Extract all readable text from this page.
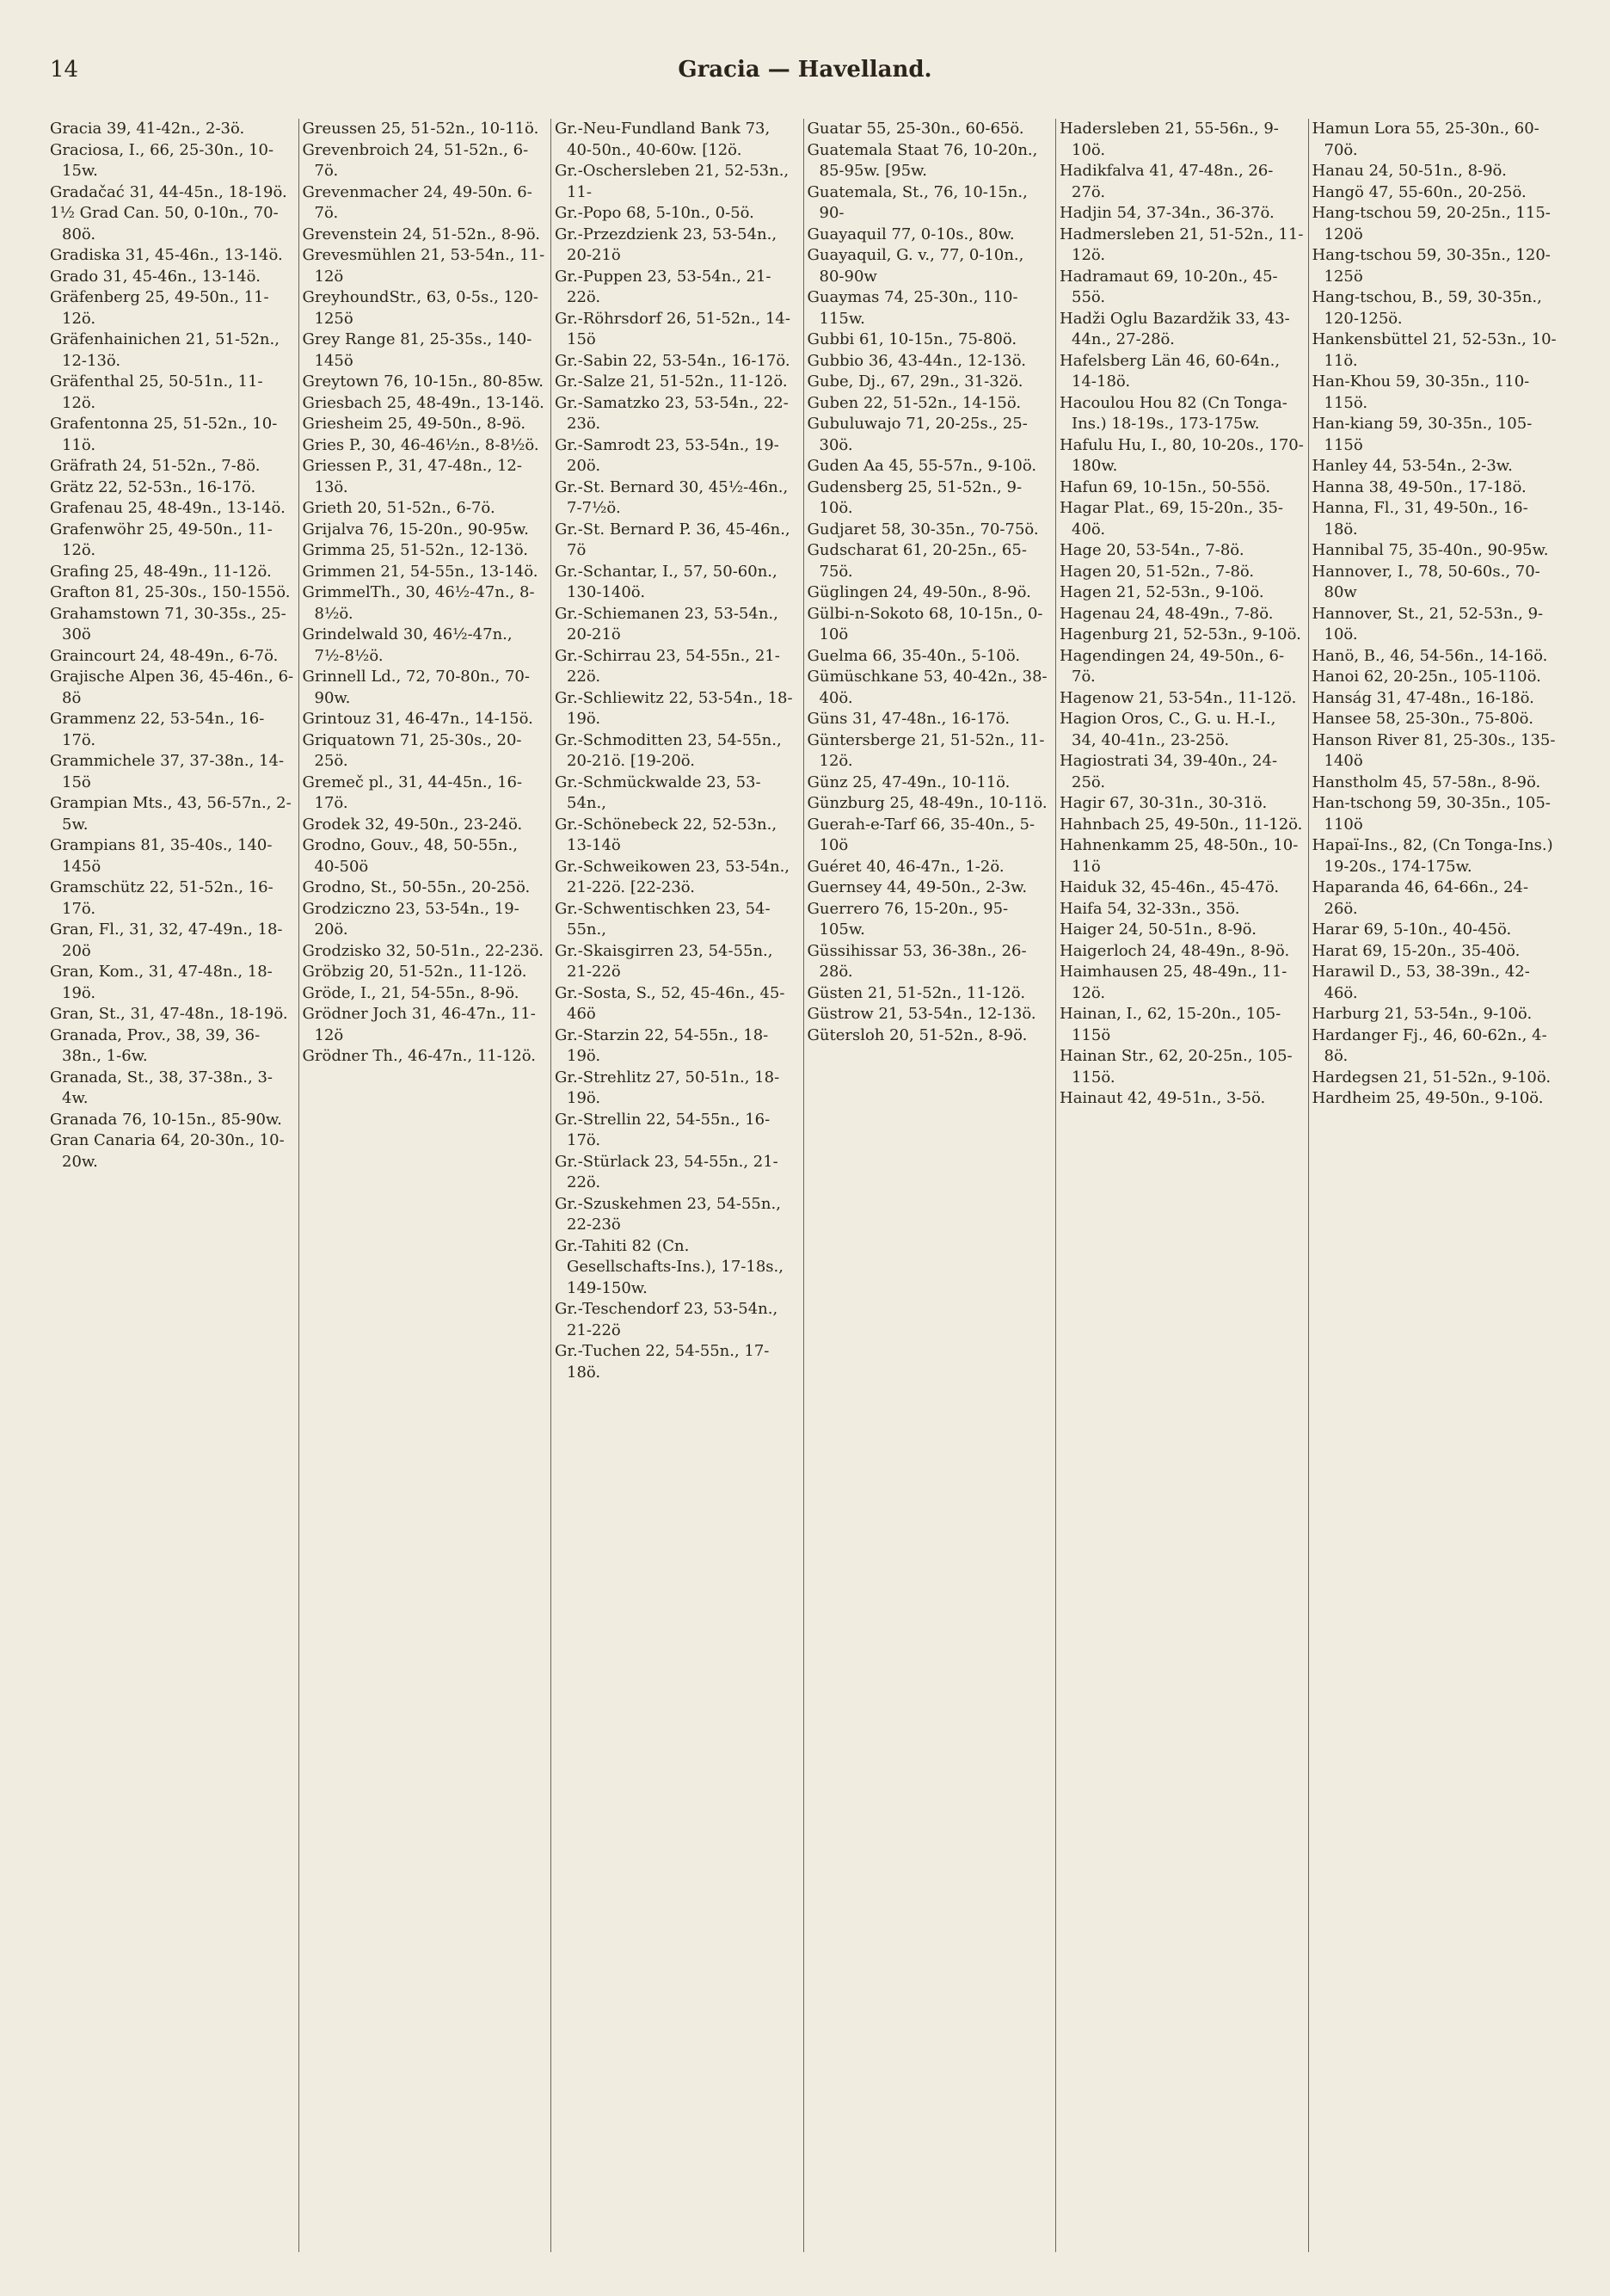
14	Gracia — Havelland.

Gracia 39, 41-42n., 2-3ö.

Graciosa, I., 66, 25-30n., 10-15w.

Gradačać 31, 44-45n., 18-19ö.

1½ Grad Can. 50, 0-10n., 70-80ö.

Gradiska 31, 45-46n., 13-14ö.

Grado 31, 45-46n., 13-14ö.

Gräfenberg 25, 49-50n., 11-12ö.

Gräfenhainichen 21, 51-52n., 12-13ö.

Gräfenthal 25, 50-51n., 11-12ö.

Grafentonna 25, 51-52n., 10-11ö.

Gräfrath 24, 51-52n., 7-8ö.

Grätz 22, 52-53n., 16-17ö.

Grafenau 25, 48-49n., 13-14ö.

Grafenwöhr 25, 49-50n., 11-12ö.

Grafing 25, 48-49n., 11-12ö.

Grafton 81, 25-30s., 150-155ö.

Grahamstown 71, 30-35s., 25-30ö

Graincourt 24, 48-49n., 6-7ö.

Grajische Alpen 36, 45-46n., 6-8ö

Grammenz 22, 53-54n., 16-17ö.

Grammichele 37, 37-38n., 14-15ö

Grampian Mts., 43, 56-57n., 2-5w.

Grampians 81, 35-40s., 140-145ö

Gramschütz 22, 51-52n., 16-17ö.

Gran, Fl., 31, 32, 47-49n., 18-20ö

Gran, Kom., 31, 47-48n., 18-19ö.

Gran, St., 31, 47-48n., 18-19ö.

Granada, Prov., 38, 39, 36-38n., 1-6w.

Granada, St., 38, 37-38n., 3-4w.

Granada 76, 10-15n., 85-90w.

Gran Canaria 64, 20-30n., 10-20w.

Greussen 25, 51-52n., 10-11ö.

Grevenbroich 24, 51-52n., 6-7ö.

Grevenmacher 24, 49-50n. 6-7ö.

Grevenstein 24, 51-52n., 8-9ö.

Grevesmühlen 21, 53-54n., 11-12ö

GreyhoundStr., 63, 0-5s., 120-125ö

Grey Range 81, 25-35s., 140-145ö

Greytown 76, 10-15n., 80-85w.

Griesbach 25, 48-49n., 13-14ö.

Griesheim 25, 49-50n., 8-9ö.

Gries P., 30, 46-46½n., 8-8½ö.

Griessen P., 31, 47-48n., 12-13ö.

Grieth 20, 51-52n., 6-7ö.

Grijalva 76, 15-20n., 90-95w.

Grimma 25, 51-52n., 12-13ö.

Grimmen 21, 54-55n., 13-14ö.

GrimmelTh., 30, 46½-47n., 8-8½ö.

Grindelwald 30, 46½-47n., 7½-8½ö.

Grinnell Ld., 72, 70-80n., 70-90w.

Grintouz 31, 46-47n., 14-15ö.

Griquatown 71, 25-30s., 20-25ö.

Gremeč pl., 31, 44-45n., 16-17ö.

Grodek 32, 49-50n., 23-24ö.

Grodno, Gouv., 48, 50-55n., 40-50ö

Grodno, St., 50-55n., 20-25ö.

Grodziczno 23, 53-54n., 19-20ö.

Grodzisko 32, 50-51n., 22-23ö.

Gröbzig 20, 51-52n., 11-12ö.

Gröde, I., 21, 54-55n., 8-9ö.

Grödner Joch 31, 46-47n., 11-12ö

Grödner Th., 46-47n., 11-12ö.

Gr.-Neu-Fundland Bank 73, 40-50n., 40-60w. [12ö.

Gr.-Oschersleben 21, 52-53n., 11-

Gr.-Popo 68, 5-10n., 0-5ö.

Gr.-Przezdzienk 23, 53-54n., 20-21ö

Gr.-Puppen 23, 53-54n., 21-22ö.

Gr.-Röhrsdorf 26, 51-52n., 14-15ö

Gr.-Sabin 22, 53-54n., 16-17ö.

Gr.-Salze 21, 51-52n., 11-12ö.

Gr.-Samatzko 23, 53-54n., 22-23ö.

Gr.-Samrodt 23, 53-54n., 19-20ö.

Gr.-St. Bernard 30, 45½-46n., 7-7½ö.

Gr.-St. Bernard P. 36, 45-46n., 7ö

Gr.-Schantar, I., 57, 50-60n., 130-140ö.

Gr.-Schiemanen 23, 53-54n., 20-21ö

Gr.-Schirrau 23, 54-55n., 21-22ö.

Gr.-Schliewitz 22, 53-54n., 18-19ö.

Gr.-Schmoditten 23, 54-55n., 20-21ö. [19-20ö.

Gr.-Schmückwalde 23, 53-54n.,

Gr.-Schönebeck 22, 52-53n., 13-14ö

Gr.-Schweikowen 23, 53-54n., 21-22ö. [22-23ö.

Gr.-Schwentischken 23, 54-55n.,

Gr.-Skaisgirren 23, 54-55n., 21-22ö

Gr.-Sosta, S., 52, 45-46n., 45-46ö

Gr.-Starzin 22, 54-55n., 18-19ö.

Gr.-Strehlitz 27, 50-51n., 18-19ö.

Gr.-Strellin 22, 54-55n., 16-17ö.

Gr.-Stürlack 23, 54-55n., 21-22ö.

Gr.-Szuskehmen 23, 54-55n., 22-23ö

Gr.-Tahiti 82 (Cn. Gesellschafts-Ins.), 17-18s., 149-150w.

Gr.-Teschendorf 23, 53-54n., 21-22ö

Gr.-Tuchen 22, 54-55n., 17-18ö.

Guatar 55, 25-30n., 60-65ö.

Guatemala Staat 76, 10-20n., 85-95w. [95w.

Guatemala, St., 76, 10-15n., 90-

Guayaquil 77, 0-10s., 80w.

Guayaquil, G. v., 77, 0-10n., 80-90w

Guaymas 74, 25-30n., 110-115w.

Gubbi 61, 10-15n., 75-80ö.

Gubbio 36, 43-44n., 12-13ö.

Gube, Dj., 67, 29n., 31-32ö.

Guben 22, 51-52n., 14-15ö.

Gubuluwajo 71, 20-25s., 25-30ö.

Guden Aa 45, 55-57n., 9-10ö.

Gudensberg 25, 51-52n., 9-10ö.

Gudjaret 58, 30-35n., 70-75ö.

Gudscharat 61, 20-25n., 65-75ö.

Güglingen 24, 49-50n., 8-9ö.

Gülbi-n-Sokoto 68, 10-15n., 0-10ö

Guelma 66, 35-40n., 5-10ö.

Gümüschkane 53, 40-42n., 38-40ö.

Güns 31, 47-48n., 16-17ö.

Güntersberge 21, 51-52n., 11-12ö.

Günz 25, 47-49n., 10-11ö.

Günzburg 25, 48-49n., 10-11ö.

Guerah-e-Tarf 66, 35-40n., 5-10ö

Guéret 40, 46-47n., 1-2ö.

Guernsey 44, 49-50n., 2-3w.

Guerrero 76, 15-20n., 95-105w.

Güssihissar 53, 36-38n., 26-28ö.

Güsten 21, 51-52n., 11-12ö.

Güstrow 21, 53-54n., 12-13ö.

Gütersloh 20, 51-52n., 8-9ö.

Hadersleben 21, 55-56n., 9-10ö.

Hadikfalva 41, 47-48n., 26-27ö.

Hadjin 54, 37-34n., 36-37ö.

Hadmersleben 21, 51-52n., 11-12ö.

Hadramaut 69, 10-20n., 45-55ö.

Hadži Oglu Bazardžik 33, 43-44n., 27-28ö.

Hafelsberg Län 46, 60-64n., 14-18ö.

Hacoulou Hou 82 (Cn Tonga-Ins.) 18-19s., 173-175w.

Hafulu Hu, I., 80, 10-20s., 170-180w.

Hafun 69, 10-15n., 50-55ö.

Hagar Plat., 69, 15-20n., 35-40ö.

Hage 20, 53-54n., 7-8ö.

Hagen 20, 51-52n., 7-8ö.

Hagen 21, 52-53n., 9-10ö.

Hagenau 24, 48-49n., 7-8ö.

Hagenburg 21, 52-53n., 9-10ö.

Hagendingen 24, 49-50n., 6-7ö.

Hagenow 21, 53-54n., 11-12ö.

Hagion Oros, C., G. u. H.-I., 34, 40-41n., 23-25ö.

Hagiostrati 34, 39-40n., 24-25ö.

Hagir 67, 30-31n., 30-31ö.

Hahnbach 25, 49-50n., 11-12ö.

Hahnenkamm 25, 48-50n., 10-11ö

Haiduk 32, 45-46n., 45-47ö.

Haifa 54, 32-33n., 35ö.

Haiger 24, 50-51n., 8-9ö.

Haigerloch 24, 48-49n., 8-9ö.

Haimhausen 25, 48-49n., 11-12ö.

Hainan, I., 62, 15-20n., 105-115ö

Hainan Str., 62, 20-25n., 105-115ö.

Hainaut 42, 49-51n., 3-5ö.

Hamun Lora 55, 25-30n., 60-70ö.

Hanau 24, 50-51n., 8-9ö.

Hangö 47, 55-60n., 20-25ö.

Hang-tschou 59, 20-25n., 115-120ö

Hang-tschou 59, 30-35n., 120-125ö

Hang-tschou, B., 59, 30-35n., 120-125ö.

Hankensbüttel 21, 52-53n., 10-11ö.

Han-Khou 59, 30-35n., 110-115ö.

Han-kiang 59, 30-35n., 105-115ö

Hanley 44, 53-54n., 2-3w.

Hanna 38, 49-50n., 17-18ö.

Hanna, Fl., 31, 49-50n., 16-18ö.

Hannibal 75, 35-40n., 90-95w.

Hannover, I., 78, 50-60s., 70-80w

Hannover, St., 21, 52-53n., 9-10ö.

Hanö, B., 46, 54-56n., 14-16ö.

Hanoi 62, 20-25n., 105-110ö.

Hanság 31, 47-48n., 16-18ö.

Hansee 58, 25-30n., 75-80ö.

Hanson River 81, 25-30s., 135-140ö

Hanstholm 45, 57-58n., 8-9ö.

Han-tschong 59, 30-35n., 105-110ö

Hapaï-Ins., 82, (Cn Tonga-Ins.) 19-20s., 174-175w.

Haparanda 46, 64-66n., 24-26ö.

Harar 69, 5-10n., 40-45ö.

Harat 69, 15-20n., 35-40ö.

Harawil D., 53, 38-39n., 42-46ö.

Harburg 21, 53-54n., 9-10ö.

Hardanger Fj., 46, 60-62n., 4-8ö.

Hardegsen 21, 51-52n., 9-10ö.

Hardheim 25, 49-50n., 9-10ö.
